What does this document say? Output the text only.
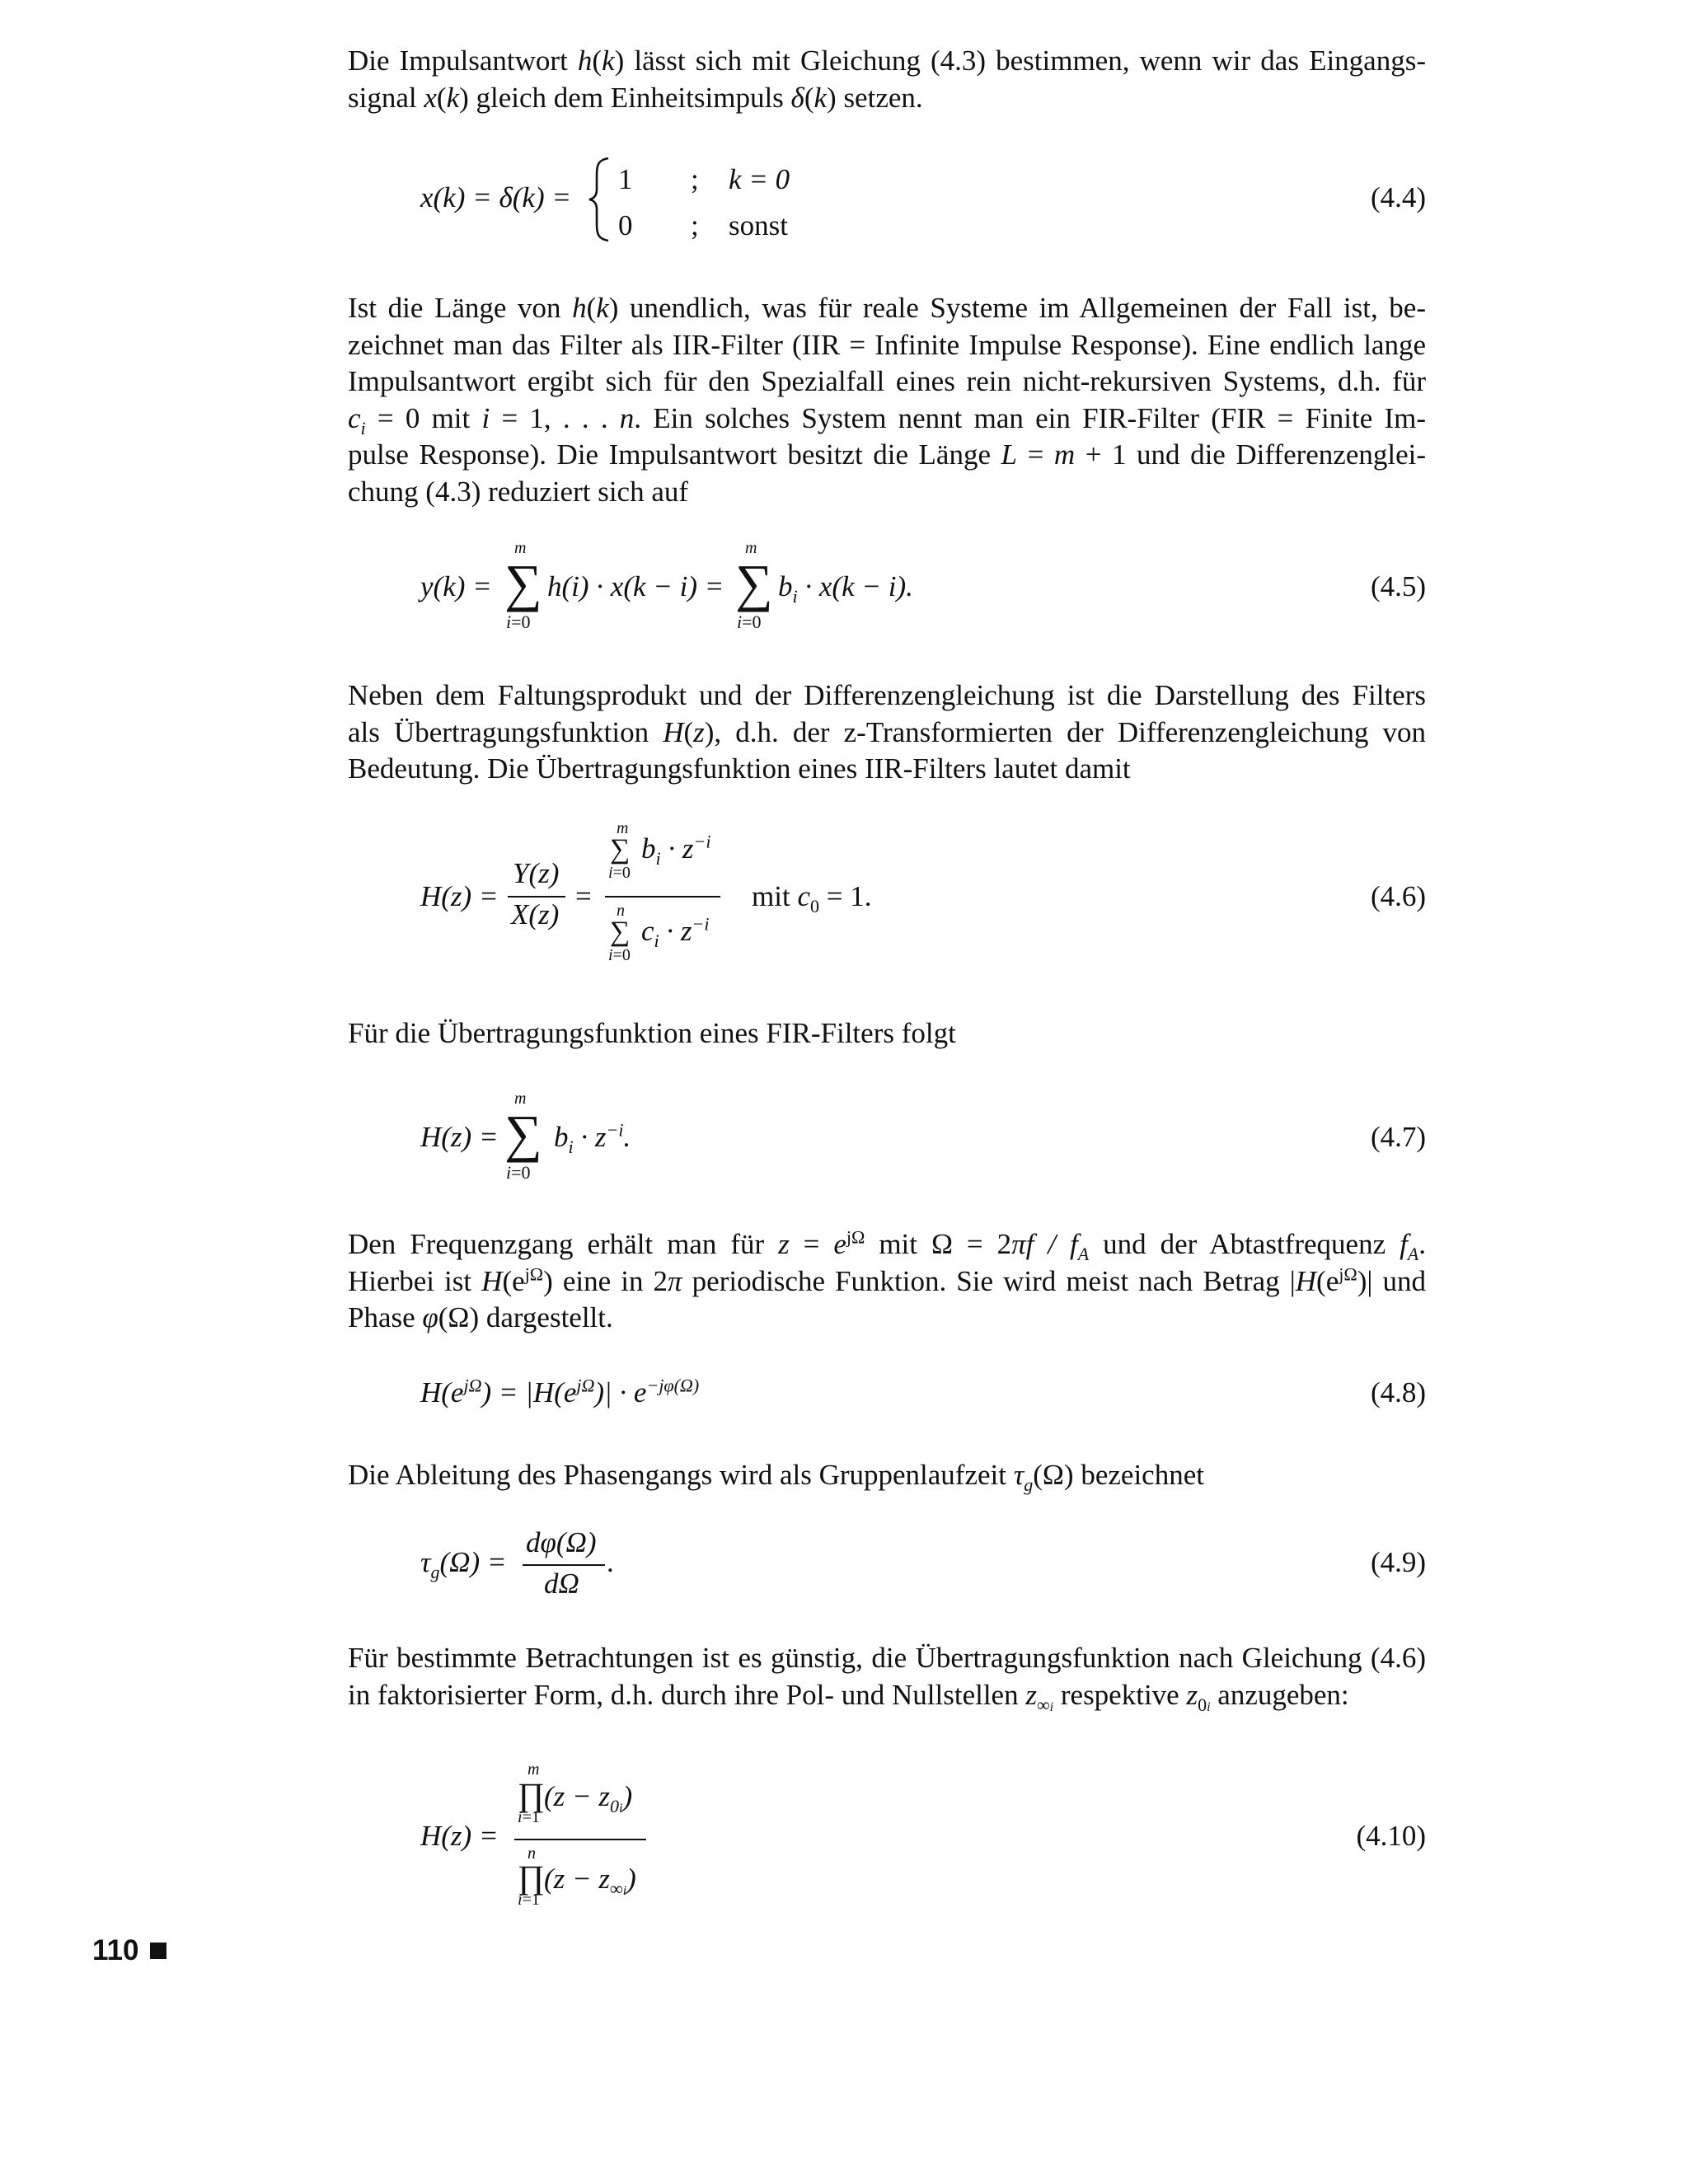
Die Impulsantwort h(k) lässt sich mit Gleichung (4.3) bestimmen, wenn wir das Eingangs-
signal x(k) gleich dem Einheitsimpuls δ(k) setzen.
x(k) = δ(k) =
1 ; k = 0
0 ; sonst
(4.4)
Ist die Länge von h(k) unendlich, was für reale Systeme im Allgemeinen der Fall ist, be-
zeichnet man das Filter als IIR-Filter (IIR = Infinite Impulse Response). Eine endlich lange
Impulsantwort ergibt sich für den Spezialfall eines rein nicht-rekursiven Systems, d.h. für
$c_i = 0$ mit i = 1, . . . n. Ein solches System nennt man ein FIR-Filter (FIR = Finite Im-
pulse Response). Die Impulsantwort besitzt die Länge L = m + 1 und die Differenzenglei-
chung (4.3) reduziert sich auf
y(k) =
m
∑
i=0
h(i) · x(k − i) =
m
∑
i=0
$b_i \cdot x(k - i)$.	(4.5)
Neben dem Faltungsprodukt und der Differenzengleichung ist die Darstellung des Filters
als Übertragungsfunktion H(z), d.h. der z-Transformierten der Differenzengleichung von
Bedeutung. Die Übertragungsfunktion eines IIR-Filters lautet damit
H(z) =
Y(z)
X(z)
=
m
∑
i=0
$b_i \cdot z^{-i}$
n
∑
i=0
$c_i \cdot z^{-i}$
mit $c_0 = 1$.	(4.6)
Für die Übertragungsfunktion eines FIR-Filters folgt
H(z) =
m
∑
i=0
$b_i \cdot z^{-i}$.	(4.7)
Den Frequenzgang erhält man für $z = e^{j\Omega}$ mit $\Omega = 2\pi f / f_A$ und der Abtastfrequenz $f_A$.
Hierbei ist $H(e^{j\Omega})$ eine in 2π periodische Funktion. Sie wird meist nach Betrag $|H(e^{j\Omega})|$ und
Phase φ(Ω) dargestellt.
$H(e^{j\Omega}) = |H(e^{j\Omega})| \cdot e^{-j\varphi(\Omega)}$	(4.8)
Die Ableitung des Phasengangs wird als Gruppenlaufzeit $\tau_g(\Omega)$ bezeichnet
$\tau_g(\Omega)$ =
dφ(Ω)
dΩ
.	(4.9)
Für bestimmte Betrachtungen ist es günstig, die Übertragungsfunktion nach Gleichung (4.6)
in faktorisierter Form, d.h. durch ihre Pol- und Nullstellen $z_{\infty i}$ respektive $z_{0i}$ anzugeben:
H(z) =
m
∏
i=1
$(z - z_{0i})$
n
∏
i=1
$(z - z_{\infty i})$
(4.10)
110
